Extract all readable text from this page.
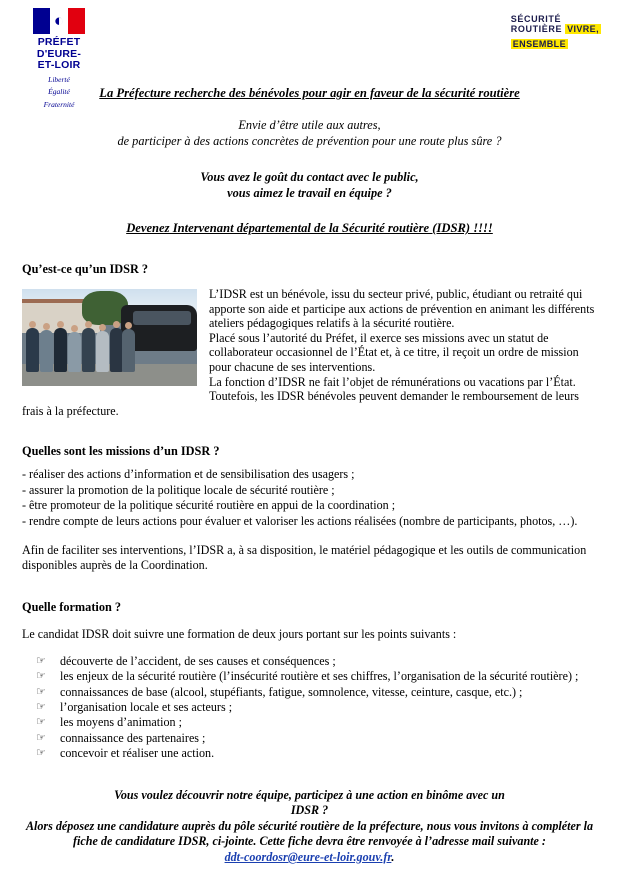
◐
PRÉFET
D'EURE-
ET-LOIR
Liberté
Égalité
Fraternité
SÉCURITÉ
ROUTIÈRE VIVRE,
ENSEMBLE
La Préfecture recherche des bénévoles pour agir en faveur de la sécurité routière
Envie d’être utile aux autres,
de participer à des actions concrètes de prévention pour une route plus sûre ?
Vous avez le goût du contact avec le public,
vous aimez le travail en équipe ?
Devenez Intervenant départemental de la Sécurité routière (IDSR) !!!!
Qu’est-ce qu’un IDSR ?

L’IDSR est un bénévole, issu du secteur privé, public, étudiant ou retraité qui apporte son aide et participe aux actions de prévention en animant les différents ateliers pédagogiques relatifs à la sécurité routière.

Placé sous l’autorité du Préfet, il exerce ses missions avec un statut de collaborateur occasionnel de l’État et, à ce titre, il reçoit un ordre de mission pour chacune de ses interventions.

La fonction d’IDSR ne fait l’objet de rémunérations ou vacations par l’État. Toutefois, les IDSR bénévoles peuvent demander le remboursement de leurs frais à la préfecture.

Quelles sont les missions d’un IDSR ?

- réaliser des actions d’information et de sensibilisation des usagers ;

- assurer la promotion de la politique locale de sécurité routière ;

- être promoteur de la politique sécurité routière en appui de la coordination ;

- rendre compte de leurs actions pour évaluer et valoriser les actions réalisées (nombre de participants, photos, …).

Afin de faciliter ses interventions, l’IDSR a, à sa disposition, le matériel pédagogique et les outils de communication disponibles auprès de la Coordination.

Quelle formation ?
Le candidat IDSR doit suivre une formation de deux jours portant sur les points suivants :
☞ découverte de l’accident, de ses causes et conséquences ;
☞ les enjeux de la sécurité routière (l’insécurité routière et ses chiffres, l’organisation de la sécurité routière) ;
☞ connaissances de base (alcool, stupéfiants, fatigue, somnolence, vitesse, ceinture, casque, etc.) ;
☞ l’organisation locale et ses acteurs ;
☞ les moyens d’animation ;
☞ connaissance des partenaires ;
☞ concevoir et réaliser une action.
Vous voulez découvrir notre équipe, participez à une action en binôme avec un
IDSR ?
Alors déposez une candidature auprès du pôle sécurité routière de la préfecture, nous vous invitons à compléter la fiche de candidature IDSR, ci-jointe. Cette fiche devra être renvoyée à l’adresse mail suivante :
ddt-coordosr@eure-et-loir.gouv.fr.
